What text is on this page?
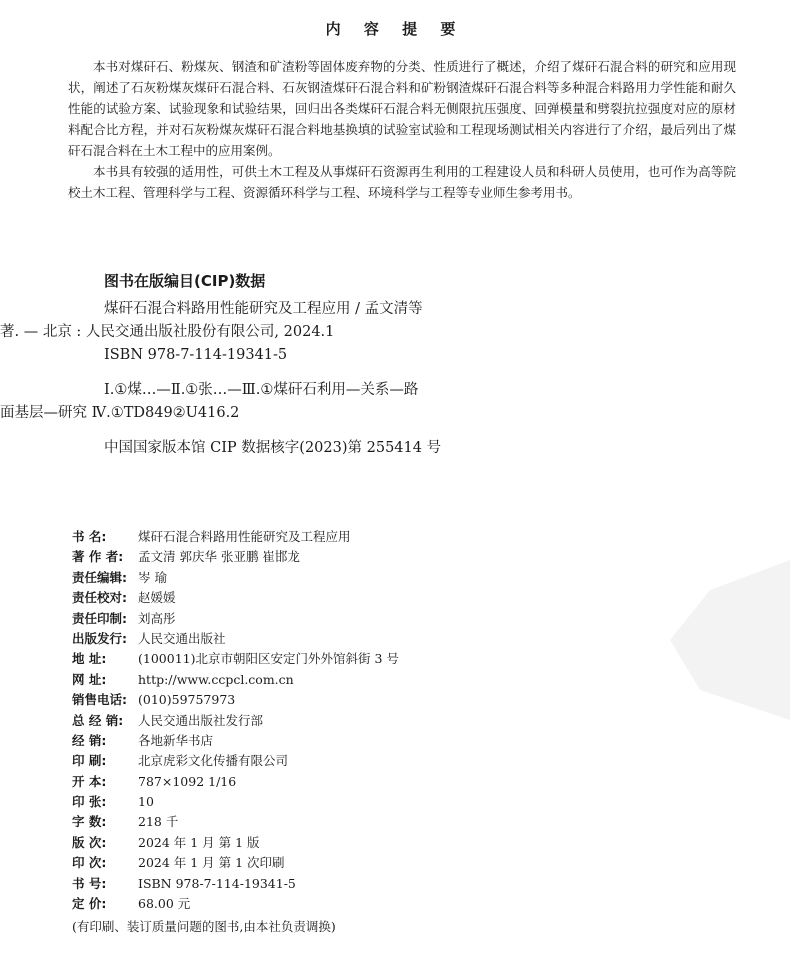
内 容 提 要

本书对煤矸石、粉煤灰、钢渣和矿渣粉等固体废弃物的分类、性质进行了概述，介绍了煤矸石混合料的研究和应用现状，阐述了石灰粉煤灰煤矸石混合料、石灰钢渣煤矸石混合料和矿粉钢渣煤矸石混合料等多种混合料路用力学性能和耐久性能的试验方案、试验现象和试验结果，回归出各类煤矸石混合料无侧限抗压强度、回弹模量和劈裂抗拉强度对应的原材料配合比方程，并对石灰粉煤灰煤矸石混合料地基换填的试验室试验和工程现场测试相关内容进行了介绍，最后列出了煤矸石混合料在土木工程中的应用案例。

本书具有较强的适用性，可供土木工程及从事煤矸石资源再生利用的工程建设人员和科研人员使用，也可作为高等院校土木工程、管理科学与工程、资源循环科学与工程、环境科学与工程等专业师生参考用书。

图书在版编目(CIP)数据

煤矸石混合料路用性能研究及工程应用 / 孟文清等

著. — 北京 : 人民交通出版社股份有限公司, 2024.1

ISBN 978-7-114-19341-5

Ⅰ.①煤…—Ⅱ.①张…—Ⅲ.①煤矸石利用—关系—路

面基层—研究 Ⅳ.①TD849②U416.2

中国国家版本馆 CIP 数据核字(2023)第 255414 号

书 名:	煤矸石混合料路用性能研究及工程应用
著 作 者: 孟文清 郭庆华 张亚鹏 崔邯龙
责任编辑: 岑 瑜
责任校对: 赵媛媛
责任印制: 刘高彤
出版发行: 人民交通出版社
地 址:	(100011)北京市朝阳区安定门外外馆斜街 3 号
网 址:	http://www.ccpcl.com.cn
销售电话: (010)59757973
总 经 销: 人民交通出版社发行部
经 销:	各地新华书店
印 刷:	北京虎彩文化传播有限公司
开 本:	787×1092 1/16
印 张:	10
字 数:	218 千
版 次:	2024 年 1 月 第 1 版
印 次:	2024 年 1 月 第 1 次印刷
书 号:	ISBN 978-7-114-19341-5
定 价:	68.00 元
(有印刷、装订质量问题的图书,由本社负责调换)
